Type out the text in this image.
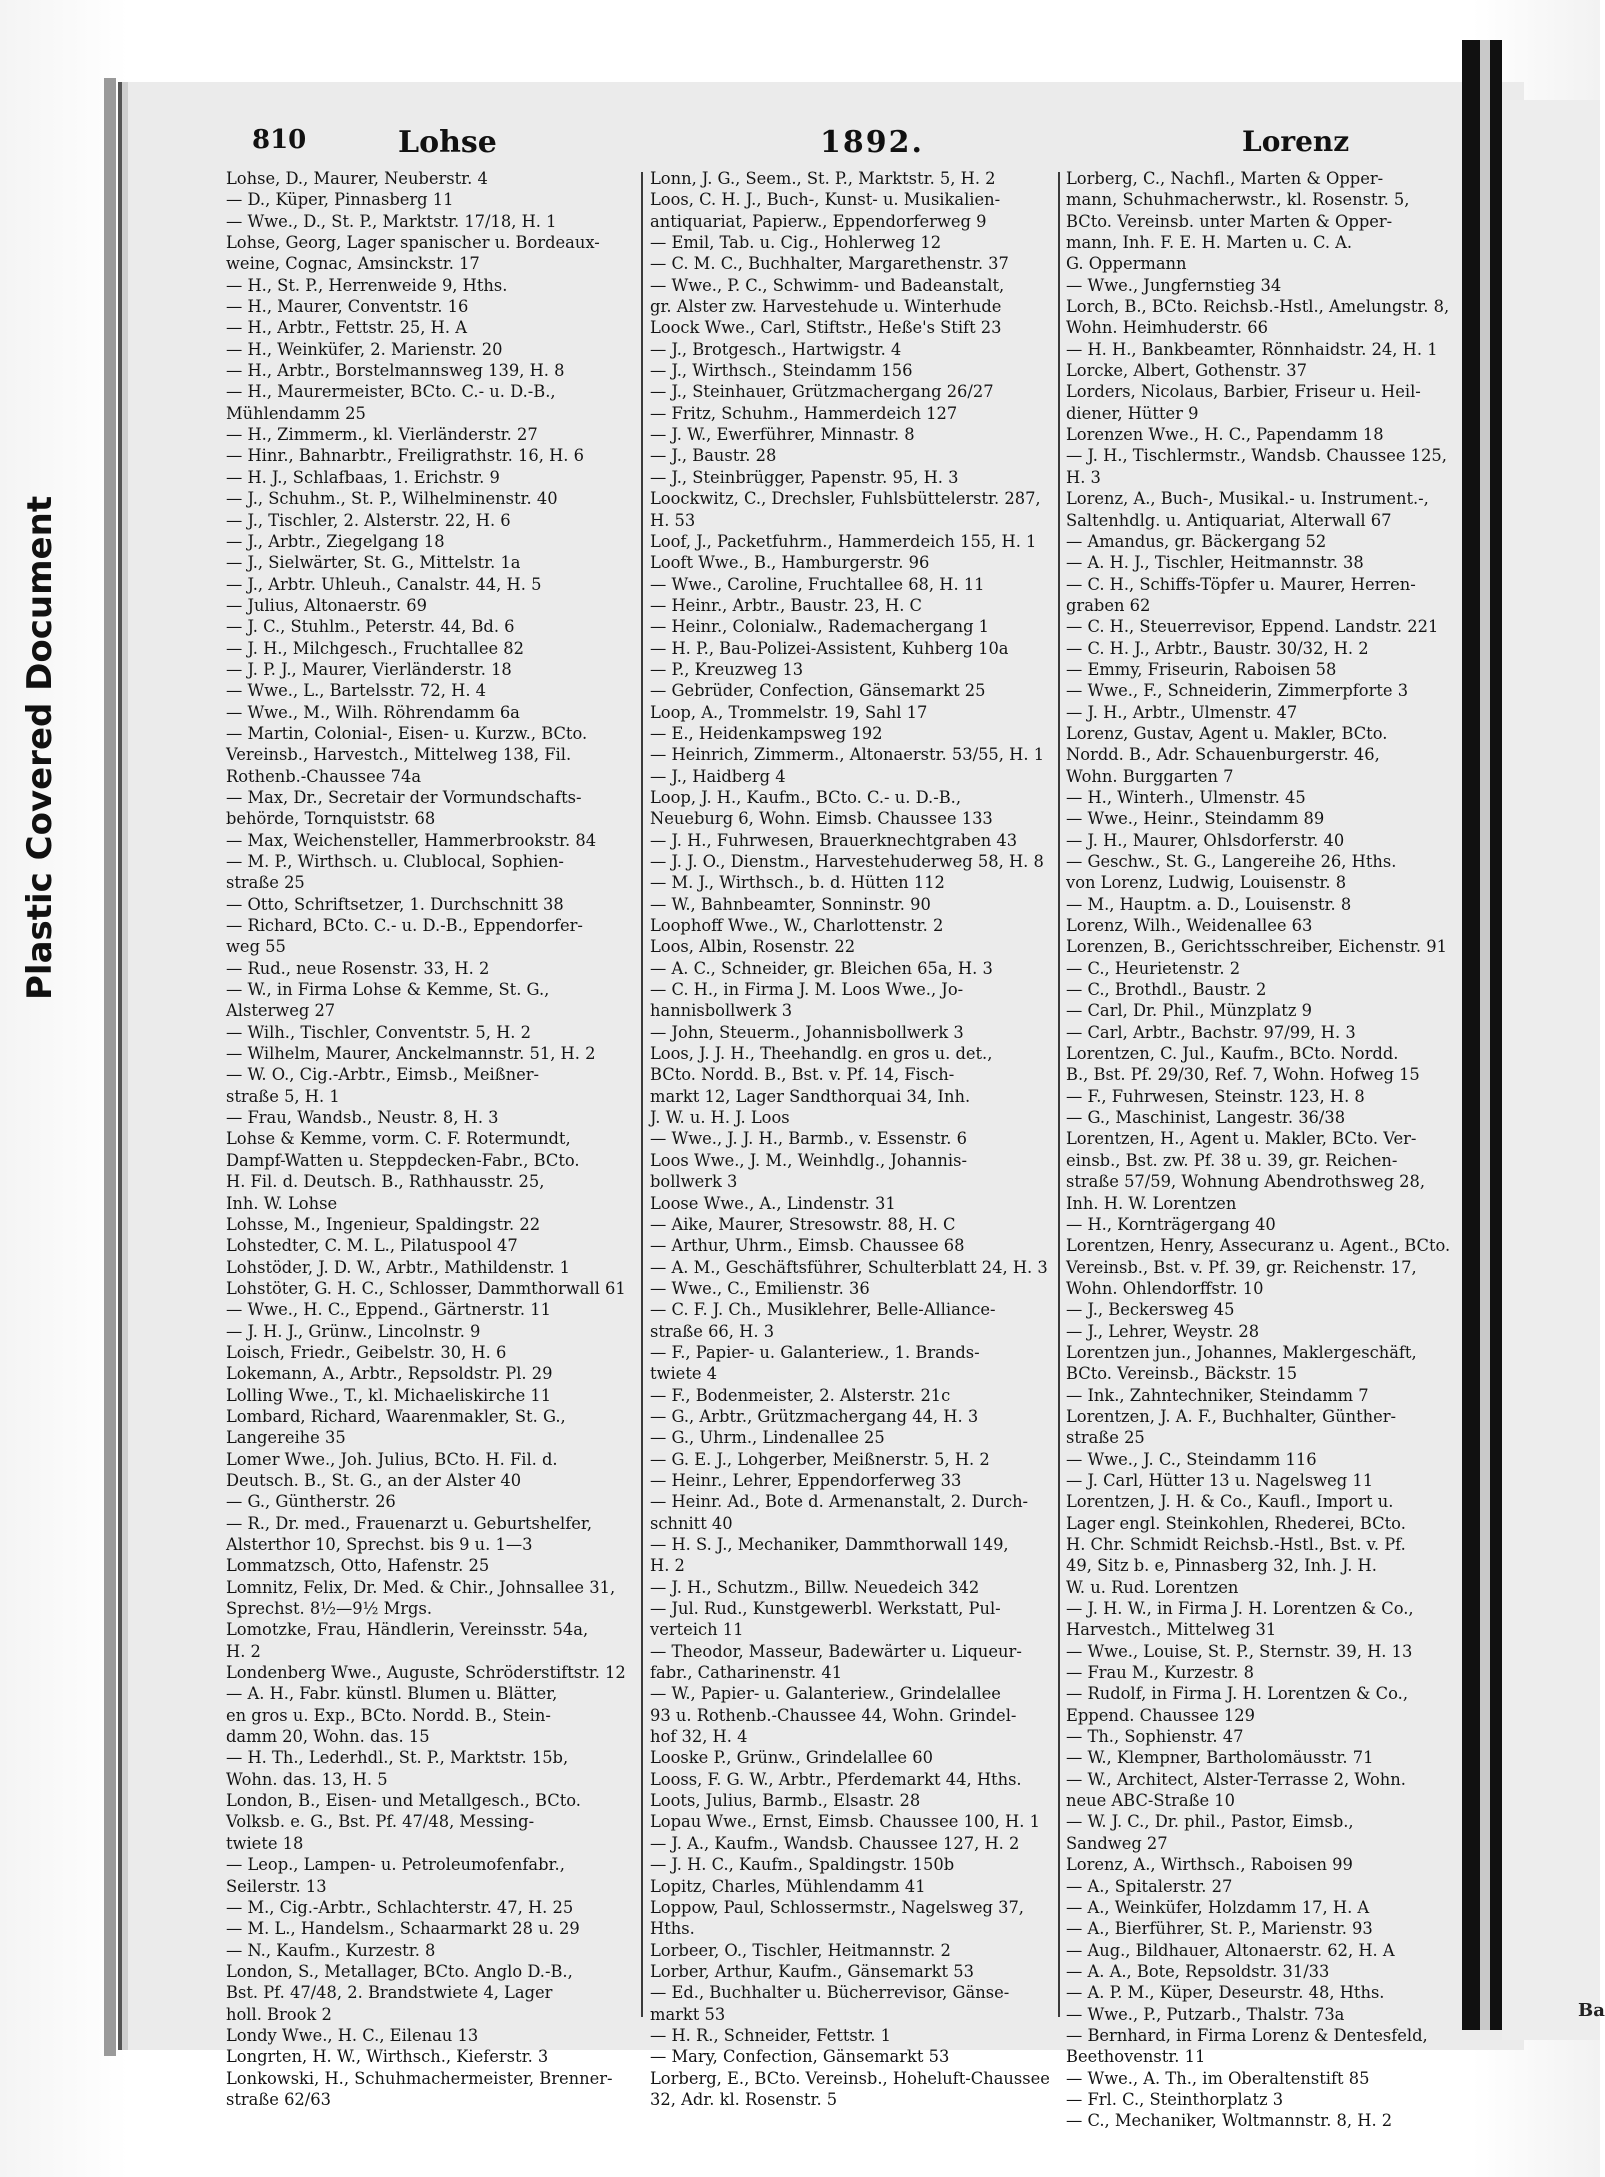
Ba
810	Lohse	1892.	Lorenz
Lohse, D., Maurer, Neuberstr. 4
— D., Küper, Pinnasberg 11
— Wwe., D., St. P., Marktstr. 17/18, H. 1
Lohse, Georg, Lager spanischer u. Bordeaux-
weine, Cognac, Amsinckstr. 17
— H., St. P., Herrenweide 9, Hths.
— H., Maurer, Conventstr. 16
— H., Arbtr., Fettstr. 25, H. A
— H., Weinküfer, 2. Marienstr. 20
— H., Arbtr., Borstelmannsweg 139, H. 8
— H., Maurermeister, BCto. C.- u. D.-B.,
Mühlendamm 25
— H., Zimmerm., kl. Vierländerstr. 27
— Hinr., Bahnarbtr., Freiligrathstr. 16, H. 6
— H. J., Schlafbaas, 1. Erichstr. 9
— J., Schuhm., St. P., Wilhelminenstr. 40
— J., Tischler, 2. Alsterstr. 22, H. 6
— J., Arbtr., Ziegelgang 18
— J., Sielwärter, St. G., Mittelstr. 1a
— J., Arbtr. Uhleuh., Canalstr. 44, H. 5
— Julius, Altonaerstr. 69
— J. C., Stuhlm., Peterstr. 44, Bd. 6
— J. H., Milchgesch., Fruchtallee 82
— J. P. J., Maurer, Vierländerstr. 18
— Wwe., L., Bartelsstr. 72, H. 4
— Wwe., M., Wilh. Röhrendamm 6a
— Martin, Colonial-, Eisen- u. Kurzw., BCto.
Vereinsb., Harvestch., Mittelweg 138, Fil.
Rothenb.-Chaussee 74a
— Max, Dr., Secretair der Vormundschafts-
behörde, Tornquiststr. 68
— Max, Weichensteller, Hammerbrookstr. 84
— M. P., Wirthsch. u. Clublocal, Sophien-
straße 25
— Otto, Schriftsetzer, 1. Durchschnitt 38
— Richard, BCto. C.- u. D.-B., Eppendorfer-
weg 55
— Rud., neue Rosenstr. 33, H. 2
— W., in Firma Lohse & Kemme, St. G.,
Alsterweg 27
— Wilh., Tischler, Conventstr. 5, H. 2
— Wilhelm, Maurer, Anckelmannstr. 51, H. 2
— W. O., Cig.-Arbtr., Eimsb., Meißner-
straße 5, H. 1
— Frau, Wandsb., Neustr. 8, H. 3
Lohse & Kemme, vorm. C. F. Rotermundt,
Dampf-Watten u. Steppdecken-Fabr., BCto.
H. Fil. d. Deutsch. B., Rathhausstr. 25,
Inh. W. Lohse
Lohsse, M., Ingenieur, Spaldingstr. 22
Lohstedter, C. M. L., Pilatuspool 47
Lohstöder, J. D. W., Arbtr., Mathildenstr. 1
Lohstöter, G. H. C., Schlosser, Dammthorwall 61
— Wwe., H. C., Eppend., Gärtnerstr. 11
— J. H. J., Grünw., Lincolnstr. 9
Loisch, Friedr., Geibelstr. 30, H. 6
Lokemann, A., Arbtr., Repsoldstr. Pl. 29
Lolling Wwe., T., kl. Michaeliskirche 11
Lombard, Richard, Waarenmakler, St. G.,
Langereihe 35
Lomer Wwe., Joh. Julius, BCto. H. Fil. d.
Deutsch. B., St. G., an der Alster 40
— G., Güntherstr. 26
— R., Dr. med., Frauenarzt u. Geburtshelfer,
Alsterthor 10, Sprechst. bis 9 u. 1—3
Lommatzsch, Otto, Hafenstr. 25
Lomnitz, Felix, Dr. Med. & Chir., Johnsallee 31,
Sprechst. 8½—9½ Mrgs.
Lomotzke, Frau, Händlerin, Vereinsstr. 54a,
H. 2
Londenberg Wwe., Auguste, Schröderstiftstr. 12
— A. H., Fabr. künstl. Blumen u. Blätter,
en gros u. Exp., BCto. Nordd. B., Stein-
damm 20, Wohn. das. 15
— H. Th., Lederhdl., St. P., Marktstr. 15b,
Wohn. das. 13, H. 5
London, B., Eisen- und Metallgesch., BCto.
Volksb. e. G., Bst. Pf. 47/48, Messing-
twiete 18
— Leop., Lampen- u. Petroleumofenfabr.,
Seilerstr. 13
— M., Cig.-Arbtr., Schlachterstr. 47, H. 25
— M. L., Handelsm., Schaarmarkt 28 u. 29
— N., Kaufm., Kurzestr. 8
London, S., Metallager, BCto. Anglo D.-B.,
Bst. Pf. 47/48, 2. Brandstwiete 4, Lager
holl. Brook 2
Londy Wwe., H. C., Eilenau 13
Longrten, H. W., Wirthsch., Kieferstr. 3
Lonkowski, H., Schuhmachermeister, Brenner-
straße 62/63
Lonn, J. G., Seem., St. P., Marktstr. 5, H. 2
Loos, C. H. J., Buch-, Kunst- u. Musikalien-
antiquariat, Papierw., Eppendorferweg 9
— Emil, Tab. u. Cig., Hohlerweg 12
— C. M. C., Buchhalter, Margarethenstr. 37
— Wwe., P. C., Schwimm- und Badeanstalt,
gr. Alster zw. Harvestehude u. Winterhude
Loock Wwe., Carl, Stiftstr., Heße's Stift 23
— J., Brotgesch., Hartwigstr. 4
— J., Wirthsch., Steindamm 156
— J., Steinhauer, Grützmachergang 26/27
— Fritz, Schuhm., Hammerdeich 127
— J. W., Ewerführer, Minnastr. 8
— J., Baustr. 28
— J., Steinbrügger, Papenstr. 95, H. 3
Loockwitz, C., Drechsler, Fuhlsbüttelerstr. 287,
H. 53
Loof, J., Packetfuhrm., Hammerdeich 155, H. 1
Looft Wwe., B., Hamburgerstr. 96
— Wwe., Caroline, Fruchtallee 68, H. 11
— Heinr., Arbtr., Baustr. 23, H. C
— Heinr., Colonialw., Rademachergang 1
— H. P., Bau-Polizei-Assistent, Kuhberg 10a
— P., Kreuzweg 13
— Gebrüder, Confection, Gänsemarkt 25
Loop, A., Trommelstr. 19, Sahl 17
— E., Heidenkampsweg 192
— Heinrich, Zimmerm., Altonaerstr. 53/55, H. 1
— J., Haidberg 4
Loop, J. H., Kaufm., BCto. C.- u. D.-B.,
Neueburg 6, Wohn. Eimsb. Chaussee 133
— J. H., Fuhrwesen, Brauerknechtgraben 43
— J. J. O., Dienstm., Harvestehuderweg 58, H. 8
— M. J., Wirthsch., b. d. Hütten 112
— W., Bahnbeamter, Sonninstr. 90
Loophoff Wwe., W., Charlottenstr. 2
Loos, Albin, Rosenstr. 22
— A. C., Schneider, gr. Bleichen 65a, H. 3
— C. H., in Firma J. M. Loos Wwe., Jo-
hannisbollwerk 3
— John, Steuerm., Johannisbollwerk 3
Loos, J. J. H., Theehandlg. en gros u. det.,
BCto. Nordd. B., Bst. v. Pf. 14, Fisch-
markt 12, Lager Sandthorquai 34, Inh.
J. W. u. H. J. Loos
— Wwe., J. J. H., Barmb., v. Essenstr. 6
Loos Wwe., J. M., Weinhdlg., Johannis-
bollwerk 3
Loose Wwe., A., Lindenstr. 31
— Aike, Maurer, Stresowstr. 88, H. C
— Arthur, Uhrm., Eimsb. Chaussee 68
— A. M., Geschäftsführer, Schulterblatt 24, H. 3
— Wwe., C., Emilienstr. 36
— C. F. J. Ch., Musiklehrer, Belle-Alliance-
straße 66, H. 3
— F., Papier- u. Galanteriew., 1. Brands-
twiete 4
— F., Bodenmeister, 2. Alsterstr. 21c
— G., Arbtr., Grützmachergang 44, H. 3
— G., Uhrm., Lindenallee 25
— G. E. J., Lohgerber, Meißnerstr. 5, H. 2
— Heinr., Lehrer, Eppendorferweg 33
— Heinr. Ad., Bote d. Armenanstalt, 2. Durch-
schnitt 40
— H. S. J., Mechaniker, Dammthorwall 149,
H. 2
— J. H., Schutzm., Billw. Neuedeich 342
— Jul. Rud., Kunstgewerbl. Werkstatt, Pul-
verteich 11
— Theodor, Masseur, Badewärter u. Liqueur-
fabr., Catharinenstr. 41
— W., Papier- u. Galanteriew., Grindelallee
93 u. Rothenb.-Chaussee 44, Wohn. Grindel-
hof 32, H. 4
Looske P., Grünw., Grindelallee 60
Looss, F. G. W., Arbtr., Pferdemarkt 44, Hths.
Loots, Julius, Barmb., Elsastr. 28
Lopau Wwe., Ernst, Eimsb. Chaussee 100, H. 1
— J. A., Kaufm., Wandsb. Chaussee 127, H. 2
— J. H. C., Kaufm., Spaldingstr. 150b
Lopitz, Charles, Mühlendamm 41
Loppow, Paul, Schlossermstr., Nagelsweg 37,
Hths.
Lorbeer, O., Tischler, Heitmannstr. 2
Lorber, Arthur, Kaufm., Gänsemarkt 53
— Ed., Buchhalter u. Bücherrevisor, Gänse-
markt 53
— H. R., Schneider, Fettstr. 1
— Mary, Confection, Gänsemarkt 53
Lorberg, E., BCto. Vereinsb., Hoheluft-Chaussee
32, Adr. kl. Rosenstr. 5
Lorberg, C., Nachfl., Marten & Opper-
mann, Schuhmacherwstr., kl. Rosenstr. 5,
BCto. Vereinsb. unter Marten & Opper-
mann, Inh. F. E. H. Marten u. C. A.
G. Oppermann
— Wwe., Jungfernstieg 34
Lorch, B., BCto. Reichsb.-Hstl., Amelungstr. 8,
Wohn. Heimhuderstr. 66
— H. H., Bankbeamter, Rönnhaidstr. 24, H. 1
Lorcke, Albert, Gothenstr. 37
Lorders, Nicolaus, Barbier, Friseur u. Heil-
diener, Hütter 9
Lorenzen Wwe., H. C., Papendamm 18
— J. H., Tischlermstr., Wandsb. Chaussee 125,
H. 3
Lorenz, A., Buch-, Musikal.- u. Instrument.-,
Saltenhdlg. u. Antiquariat, Alterwall 67
— Amandus, gr. Bäckergang 52
— A. H. J., Tischler, Heitmannstr. 38
— C. H., Schiffs-Töpfer u. Maurer, Herren-
graben 62
— C. H., Steuerrevisor, Eppend. Landstr. 221
— C. H. J., Arbtr., Baustr. 30/32, H. 2
— Emmy, Friseurin, Raboisen 58
— Wwe., F., Schneiderin, Zimmerpforte 3
— J. H., Arbtr., Ulmenstr. 47
Lorenz, Gustav, Agent u. Makler, BCto.
Nordd. B., Adr. Schauenburgerstr. 46,
Wohn. Burggarten 7
— H., Winterh., Ulmenstr. 45
— Wwe., Heinr., Steindamm 89
— J. H., Maurer, Ohlsdorferstr. 40
— Geschw., St. G., Langereihe 26, Hths.
von Lorenz, Ludwig, Louisenstr. 8
— M., Hauptm. a. D., Louisenstr. 8
Lorenz, Wilh., Weidenallee 63
Lorenzen, B., Gerichtsschreiber, Eichenstr. 91
— C., Heurietenstr. 2
— C., Brothdl., Baustr. 2
— Carl, Dr. Phil., Münzplatz 9
— Carl, Arbtr., Bachstr. 97/99, H. 3
Lorentzen, C. Jul., Kaufm., BCto. Nordd.
B., Bst. Pf. 29/30, Ref. 7, Wohn. Hofweg 15
— F., Fuhrwesen, Steinstr. 123, H. 8
— G., Maschinist, Langestr. 36/38
Lorentzen, H., Agent u. Makler, BCto. Ver-
einsb., Bst. zw. Pf. 38 u. 39, gr. Reichen-
straße 57/59, Wohnung Abendrothsweg 28,
Inh. H. W. Lorentzen
— H., Kornträgergang 40
Lorentzen, Henry, Assecuranz u. Agent., BCto.
Vereinsb., Bst. v. Pf. 39, gr. Reichenstr. 17,
Wohn. Ohlendorffstr. 10
— J., Beckersweg 45
— J., Lehrer, Weystr. 28
Lorentzen jun., Johannes, Maklergeschäft,
BCto. Vereinsb., Bäckstr. 15
— Ink., Zahntechniker, Steindamm 7
Lorentzen, J. A. F., Buchhalter, Günther-
straße 25
— Wwe., J. C., Steindamm 116
— J. Carl, Hütter 13 u. Nagelsweg 11
Lorentzen, J. H. & Co., Kaufl., Import u.
Lager engl. Steinkohlen, Rhederei, BCto.
H. Chr. Schmidt Reichsb.-Hstl., Bst. v. Pf.
49, Sitz b. e, Pinnasberg 32, Inh. J. H.
W. u. Rud. Lorentzen
— J. H. W., in Firma J. H. Lorentzen & Co.,
Harvestch., Mittelweg 31
— Wwe., Louise, St. P., Sternstr. 39, H. 13
— Frau M., Kurzestr. 8
— Rudolf, in Firma J. H. Lorentzen & Co.,
Eppend. Chaussee 129
— Th., Sophienstr. 47
— W., Klempner, Bartholomäusstr. 71
— W., Architect, Alster-Terrasse 2, Wohn.
neue ABC-Straße 10
— W. J. C., Dr. phil., Pastor, Eimsb.,
Sandweg 27
Lorenz, A., Wirthsch., Raboisen 99
— A., Spitalerstr. 27
— A., Weinküfer, Holzdamm 17, H. A
— A., Bierführer, St. P., Marienstr. 93
— Aug., Bildhauer, Altonaerstr. 62, H. A
— A. A., Bote, Repsoldstr. 31/33
— A. P. M., Küper, Deseurstr. 48, Hths.
— Wwe., P., Putzarb., Thalstr. 73a
— Bernhard, in Firma Lorenz & Dentesfeld,
Beethovenstr. 11
— Wwe., A. Th., im Oberaltenstift 85
— Frl. C., Steinthorplatz 3
— C., Mechaniker, Woltmannstr. 8, H. 2
